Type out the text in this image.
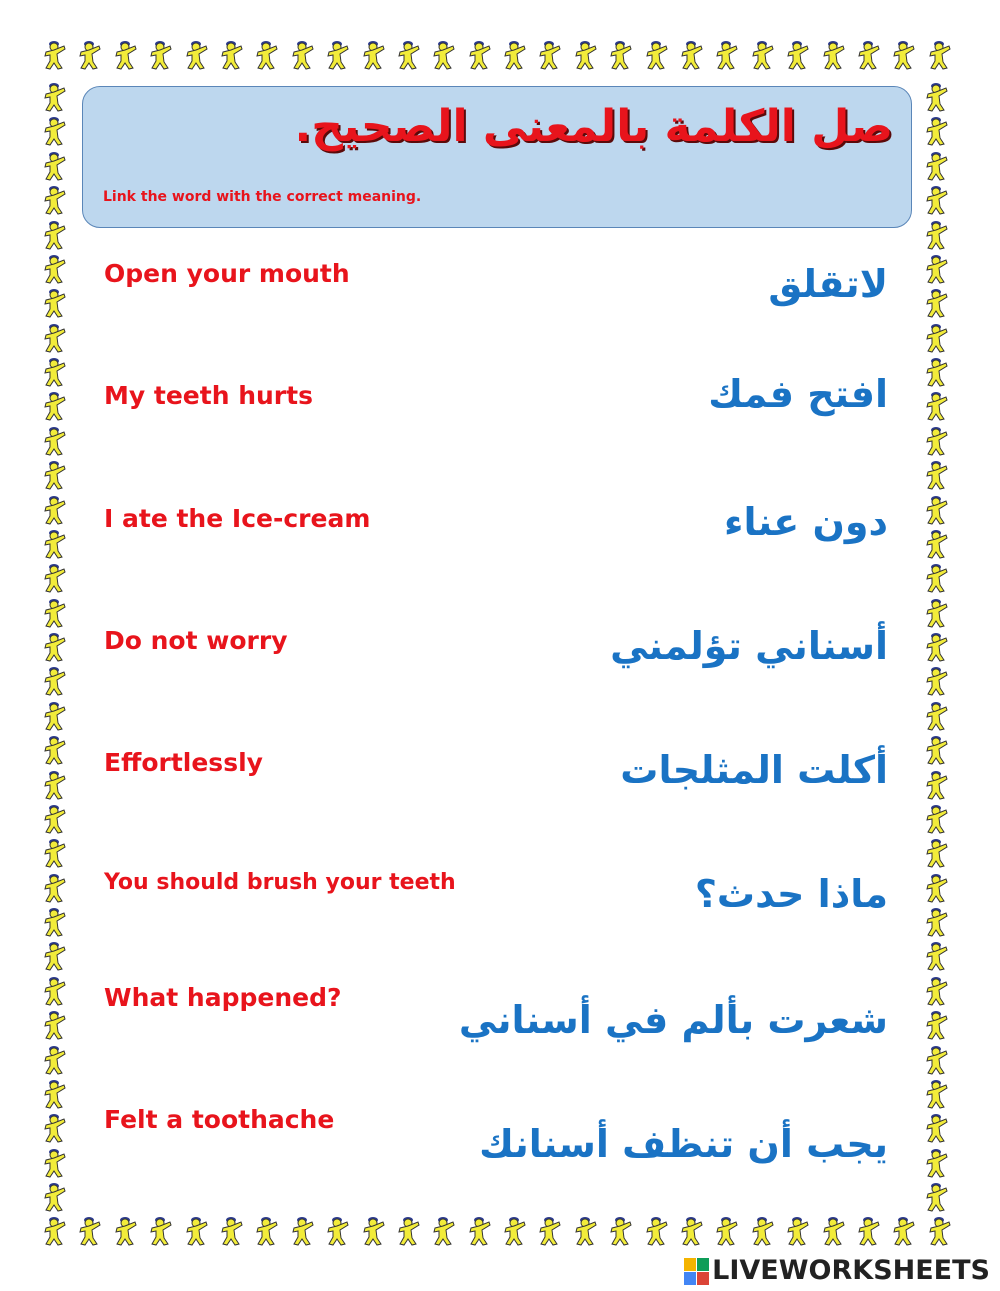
صل الكلمة بالمعنى الصحيح.
Link the word with the correct meaning.
Open your mouth
My teeth hurts
I ate the Ice-cream
Do not worry
Effortlessly
You should brush your teeth
What happened?
Felt a toothache
لاتقلق
افتح فمك
دون عناء
أسناني تؤلمني
أكلت المثلجات
ماذا حدث؟
شعرت بألم في أسناني
يجب أن تنظف أسنانك
LIVEWORKSHEETS
